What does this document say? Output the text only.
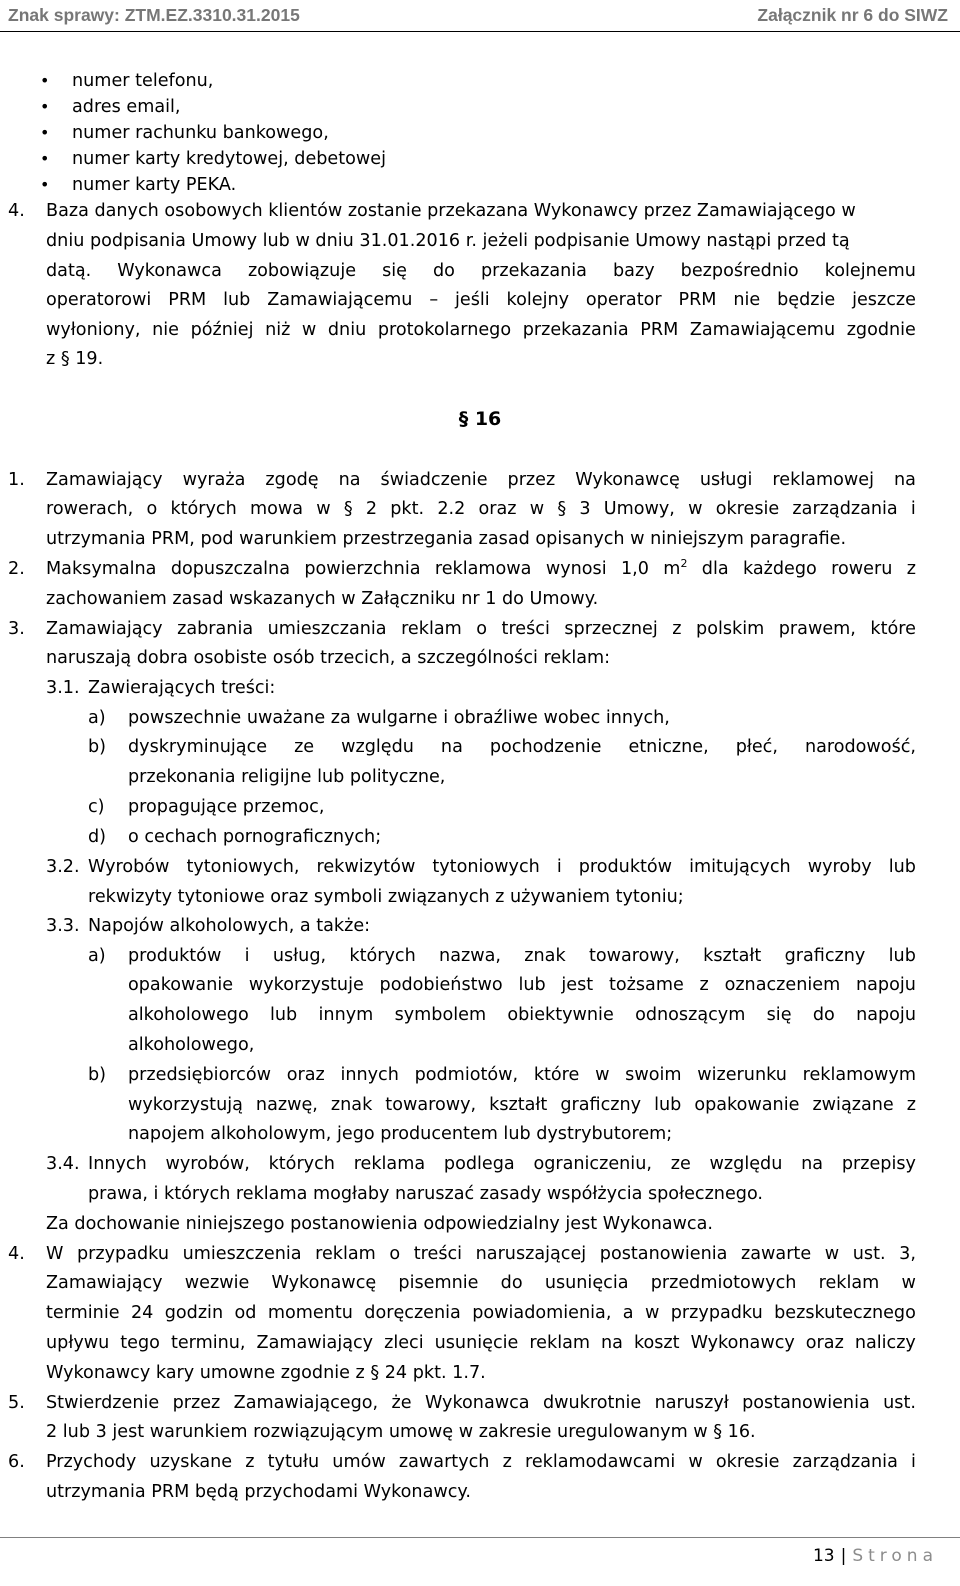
Znak sprawy: ZTM.EZ.3310.31.2015	Załącznik nr 6 do SIWZ
• numer telefonu,
• adres email,
• numer rachunku bankowego,
• numer karty kredytowej, debetowej
• numer karty PEKA.
4. Baza danych osobowych klientów zostanie przekazana Wykonawcy przez Zamawiającego w
dniu podpisania Umowy lub w dniu 31.01.2016 r. jeżeli podpisanie Umowy nastąpi przed tą
datą. Wykonawca zobowiązuje się do przekazania bazy bezpośrednio kolejnemu
operatorowi PRM lub Zamawiającemu – jeśli kolejny operator PRM nie będzie jeszcze
wyłoniony, nie później niż w dniu protokolarnego przekazania PRM Zamawiającemu zgodnie
z § 19.
§ 16
1. Zamawiający wyraża zgodę na świadczenie przez Wykonawcę usługi reklamowej na
rowerach, o których mowa w § 2 pkt. 2.2 oraz w § 3 Umowy, w okresie zarządzania i
utrzymania PRM, pod warunkiem przestrzegania zasad opisanych w niniejszym paragrafie.
2. Maksymalna dopuszczalna powierzchnia reklamowa wynosi 1,0 $m^2$ dla każdego roweru z
zachowaniem zasad wskazanych w Załączniku nr 1 do Umowy.
3. Zamawiający zabrania umieszczania reklam o treści sprzecznej z polskim prawem, które
naruszają dobra osobiste osób trzecich, a szczególności reklam:
3.1. Zawierających treści:
a) powszechnie uważane za wulgarne i obraźliwe wobec innych,
b) dyskryminujące ze względu na pochodzenie etniczne, płeć, narodowość,
przekonania religijne lub polityczne,
c) propagujące przemoc,
d) o cechach pornograficznych;
3.2. Wyrobów tytoniowych, rekwizytów tytoniowych i produktów imitujących wyroby lub
rekwizyty tytoniowe oraz symboli związanych z używaniem tytoniu;
3.3. Napojów alkoholowych, a także:
a) produktów i usług, których nazwa, znak towarowy, kształt graficzny lub
opakowanie wykorzystuje podobieństwo lub jest tożsame z oznaczeniem napoju
alkoholowego lub innym symbolem obiektywnie odnoszącym się do napoju
alkoholowego,
b) przedsiębiorców oraz innych podmiotów, które w swoim wizerunku reklamowym
wykorzystują nazwę, znak towarowy, kształt graficzny lub opakowanie związane z
napojem alkoholowym, jego producentem lub dystrybutorem;
3.4. Innych wyrobów, których reklama podlega ograniczeniu, ze względu na przepisy
prawa, i których reklama mogłaby naruszać zasady współżycia społecznego.
Za dochowanie niniejszego postanowienia odpowiedzialny jest Wykonawca.
4. W przypadku umieszczenia reklam o treści naruszającej postanowienia zawarte w ust. 3,
Zamawiający wezwie Wykonawcę pisemnie do usunięcia przedmiotowych reklam w
terminie 24 godzin od momentu doręczenia powiadomienia, a w przypadku bezskutecznego
upływu tego terminu, Zamawiający zleci usunięcie reklam na koszt Wykonawcy oraz naliczy
Wykonawcy kary umowne zgodnie z § 24 pkt. 1.7.
5. Stwierdzenie przez Zamawiającego, że Wykonawca dwukrotnie naruszył postanowienia ust.
2 lub 3 jest warunkiem rozwiązującym umowę w zakresie uregulowanym w § 16.
6. Przychody uzyskane z tytułu umów zawartych z reklamodawcami w okresie zarządzania i
utrzymania PRM będą przychodami Wykonawcy.
13 | Strona
